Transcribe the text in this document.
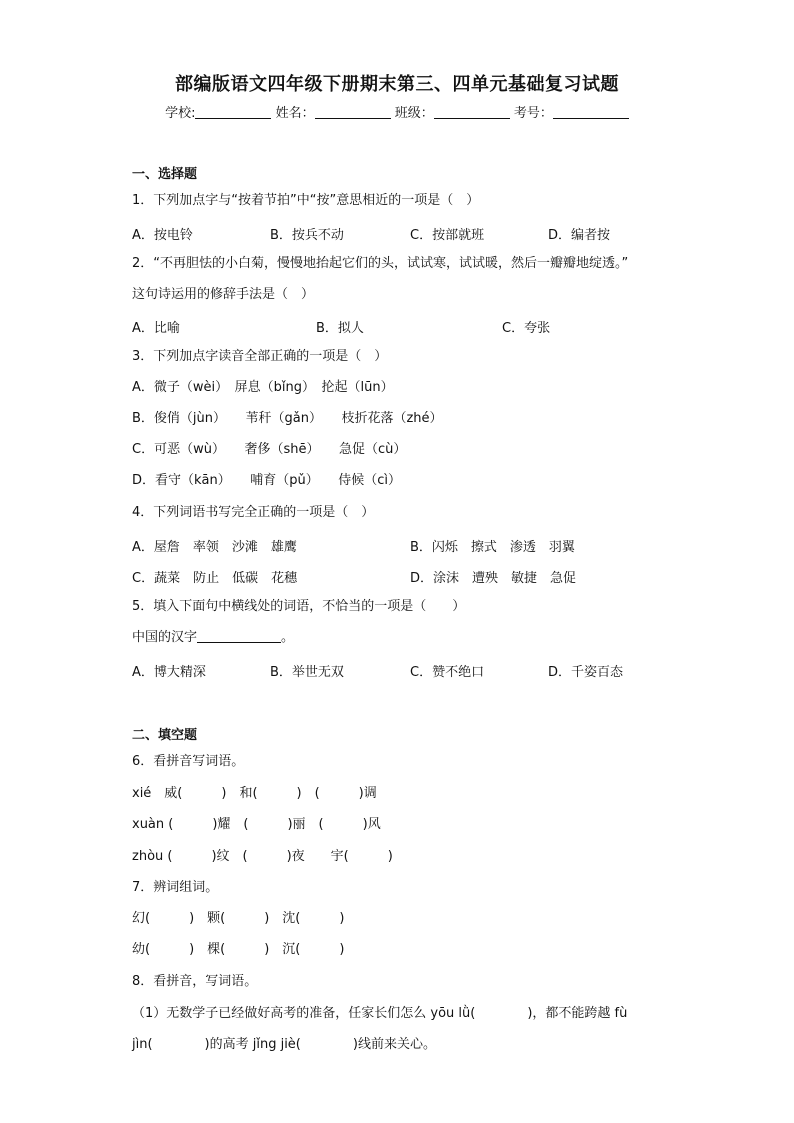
部编版语文四年级下册期末第三、四单元基础复习试题
学校:	姓名：	班级：	考号：
一、选择题
1．下列加点字与“按着节拍”中“按”意思相近的一项是（　）
A．按电铃	B．按兵不动	C．按部就班	D．编者按
2．“不再胆怯的小白菊，慢慢地抬起它们的头，试试寒，试试暖，然后一瓣瓣地绽透。”
这句诗运用的修辞手法是（　）
A．比喻	B．拟人	C．夸张
3．下列加点字读音全部正确的一项是（　）
A．微子（wèi）　屏息（bǐng）　抡起（lūn）
B．俊俏（jùn）　　苇秆（gǎn）　　枝折花落（zhé）
C．可恶（wù）　　奢侈（shē）　　急促（cù）
D．看守（kān）　　哺育（pǔ）　　侍候（cì）
4．下列词语书写完全正确的一项是（　）
A．屋詹　率领　沙滩　雄鹰	B．闪烁　擦式　渗透　羽翼
C．蔬菜　防止　低碳　花穗	D．涂沫　遭殃　敏捷　急促
5．填入下面句中横线处的词语，不恰当的一项是（　　）
中国的汉字	。
A．博大精深	B．举世无双	C．赞不绝口	D．千姿百态
二、填空题
6．看拼音写词语。
xié　威(　　　)　和(　　　)　(　　　)调
xuàn (　　　)耀　(　　　)丽　(　　　)风
zhòu (　　　)纹　(　　　)夜　　宇(　　　)
7．辨词组词。
幻(　　　)　颗(　　　)　沈(　　　)
幼(　　　)　棵(　　　)　沉(　　　)
8．看拼音，写词语。
（1）无数学子已经做好高考的准备，任家长们怎么 yōu lǜ(　　　　)，都不能跨越 fù
jìn(　　　　)的高考 jǐng jiè(　　　　)线前来关心。
